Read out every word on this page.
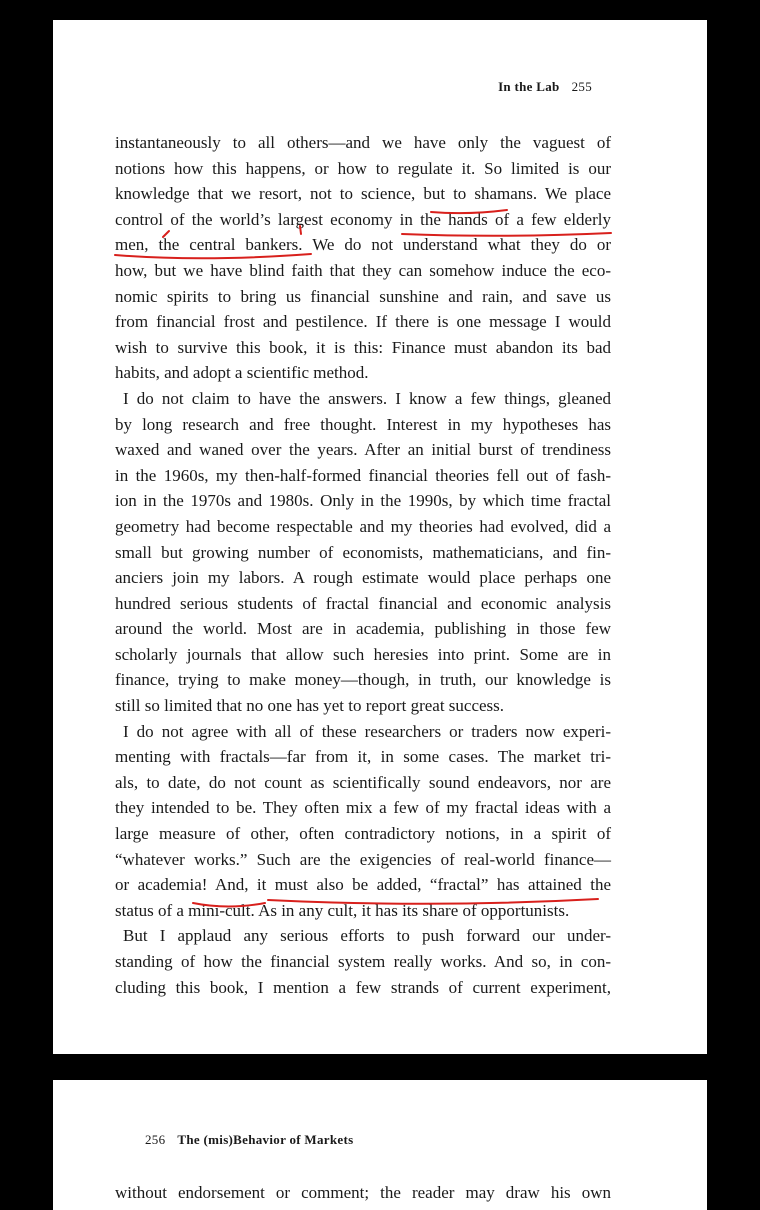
In the Lab 255
instantaneously to all others—and we have only the vaguest of
notions how this happens, or how to regulate it. So limited is our
knowledge that we resort, not to science, but to shamans. We place
control of the world’s largest economy in the hands of a few elderly
men, the central bankers. We do not understand what they do or
how, but we have blind faith that they can somehow induce the eco-
nomic spirits to bring us financial sunshine and rain, and save us
from financial frost and pestilence. If there is one message I would
wish to survive this book, it is this: Finance must abandon its bad
habits, and adopt a scientific method.
I do not claim to have the answers. I know a few things, gleaned
by long research and free thought. Interest in my hypotheses has
waxed and waned over the years. After an initial burst of trendiness
in the 1960s, my then-half-formed financial theories fell out of fash-
ion in the 1970s and 1980s. Only in the 1990s, by which time fractal
geometry had become respectable and my theories had evolved, did a
small but growing number of economists, mathematicians, and fin-
anciers join my labors. A rough estimate would place perhaps one
hundred serious students of fractal financial and economic analysis
around the world. Most are in academia, publishing in those few
scholarly journals that allow such heresies into print. Some are in
finance, trying to make money—though, in truth, our knowledge is
still so limited that no one has yet to report great success.
I do not agree with all of these researchers or traders now experi-
menting with fractals—far from it, in some cases. The market tri-
als, to date, do not count as scientifically sound endeavors, nor are
they intended to be. They often mix a few of my fractal ideas with a
large measure of other, often contradictory notions, in a spirit of
“whatever works.” Such are the exigencies of real-world finance—
or academia! And, it must also be added, “fractal” has attained the
status of a mini-cult. As in any cult, it has its share of opportunists.
But I applaud any serious efforts to push forward our under-
standing of how the financial system really works. And so, in con-
cluding this book, I mention a few strands of current experiment,
256 The (mis)Behavior of Markets
without endorsement or comment; the reader may draw his own
